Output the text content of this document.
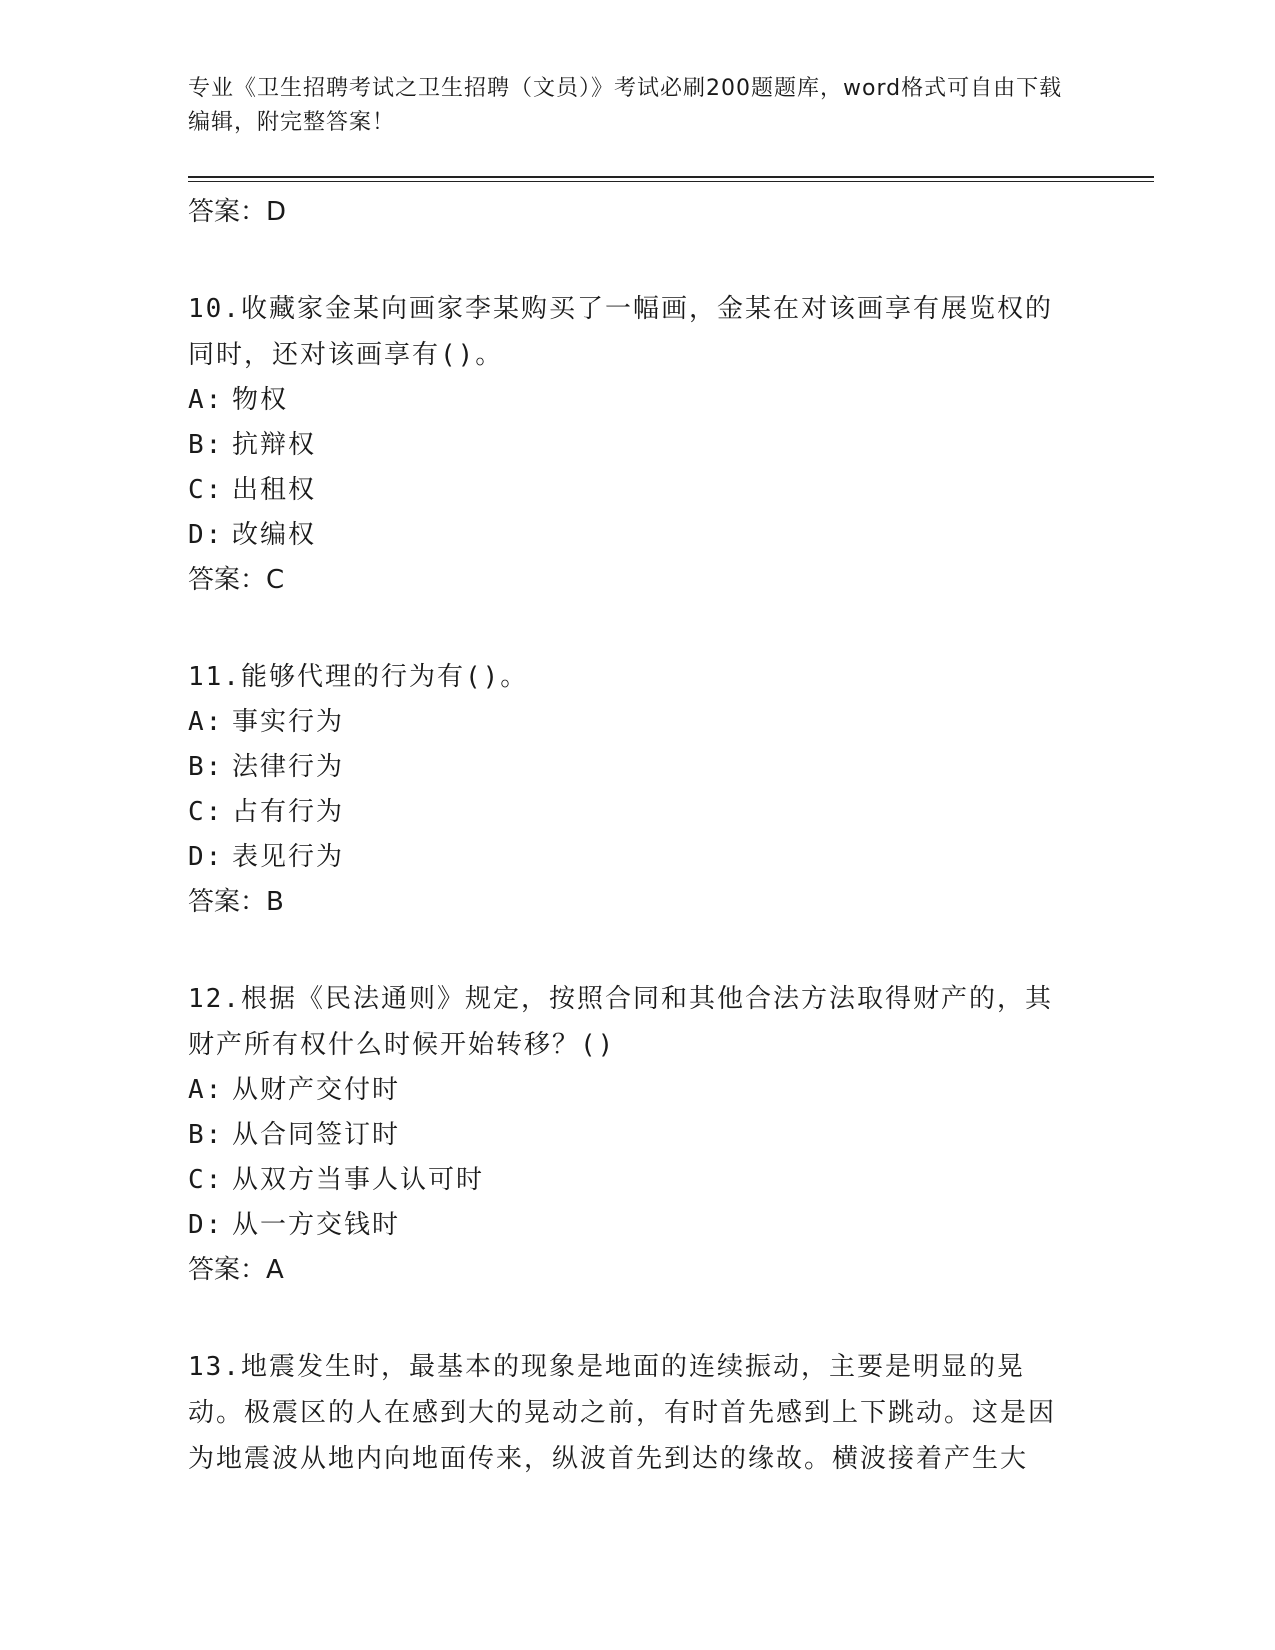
专业《卫生招聘考试之卫生招聘（文员）》考试必刷200题题库，word格式可自由下载编辑，附完整答案！

答案：D

10.收藏家金某向画家李某购买了一幅画，金某在对该画享有展览权的同时，还对该画享有()。

A: 物权

B: 抗辩权

C: 出租权

D: 改编权

答案：C

11.能够代理的行为有()。

A: 事实行为

B: 法律行为

C: 占有行为

D: 表见行为

答案：B

12.根据《民法通则》规定，按照合同和其他合法方法取得财产的，其财产所有权什么时候开始转移？()

A: 从财产交付时

B: 从合同签订时

C: 从双方当事人认可时

D: 从一方交钱时

答案：A

13.地震发生时，最基本的现象是地面的连续振动，主要是明显的晃动。极震区的人在感到大的晃动之前，有时首先感到上下跳动。这是因为地震波从地内向地面传来，纵波首先到达的缘故。横波接着产生大
